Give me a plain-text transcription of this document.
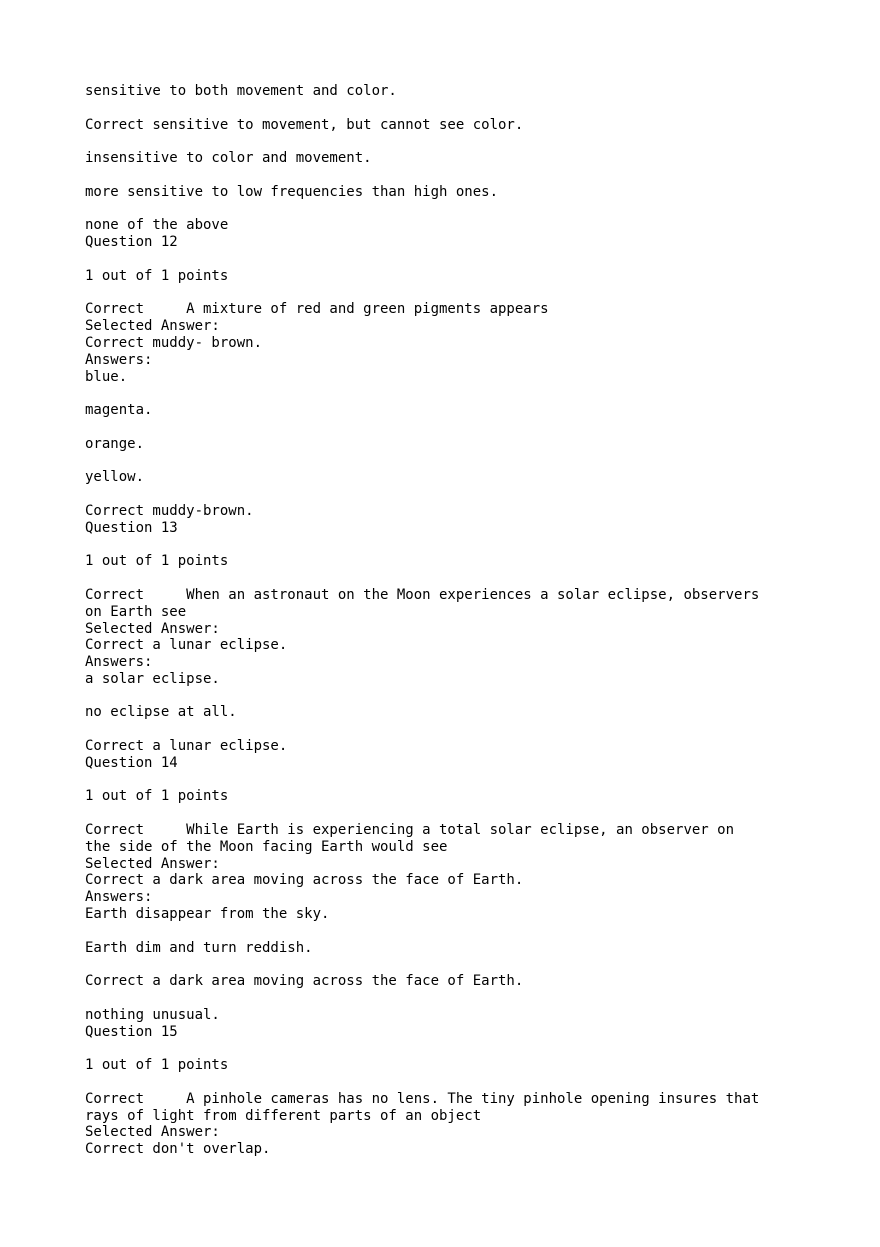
sensitive to both movement and color.
Correct sensitive to movement, but cannot see color.
insensitive to color and movement.
more sensitive to low frequencies than high ones.
none of the above
Question 12
1 out of 1 points
Correct     A mixture of red and green pigments appears
Selected Answer:
Correct muddy- brown.
Answers:
blue.
magenta.
orange.
yellow.
Correct muddy-brown.
Question 13
1 out of 1 points
Correct     When an astronaut on the Moon experiences a solar eclipse, observers
on Earth see
Selected Answer:
Correct a lunar eclipse.
Answers:
a solar eclipse.
no eclipse at all.
Correct a lunar eclipse.
Question 14
1 out of 1 points
Correct     While Earth is experiencing a total solar eclipse, an observer on
the side of the Moon facing Earth would see
Selected Answer:
Correct a dark area moving across the face of Earth.
Answers:
Earth disappear from the sky.
Earth dim and turn reddish.
Correct a dark area moving across the face of Earth.
nothing unusual.
Question 15
1 out of 1 points
Correct     A pinhole cameras has no lens. The tiny pinhole opening insures that
rays of light from different parts of an object
Selected Answer:
Correct don't overlap.
